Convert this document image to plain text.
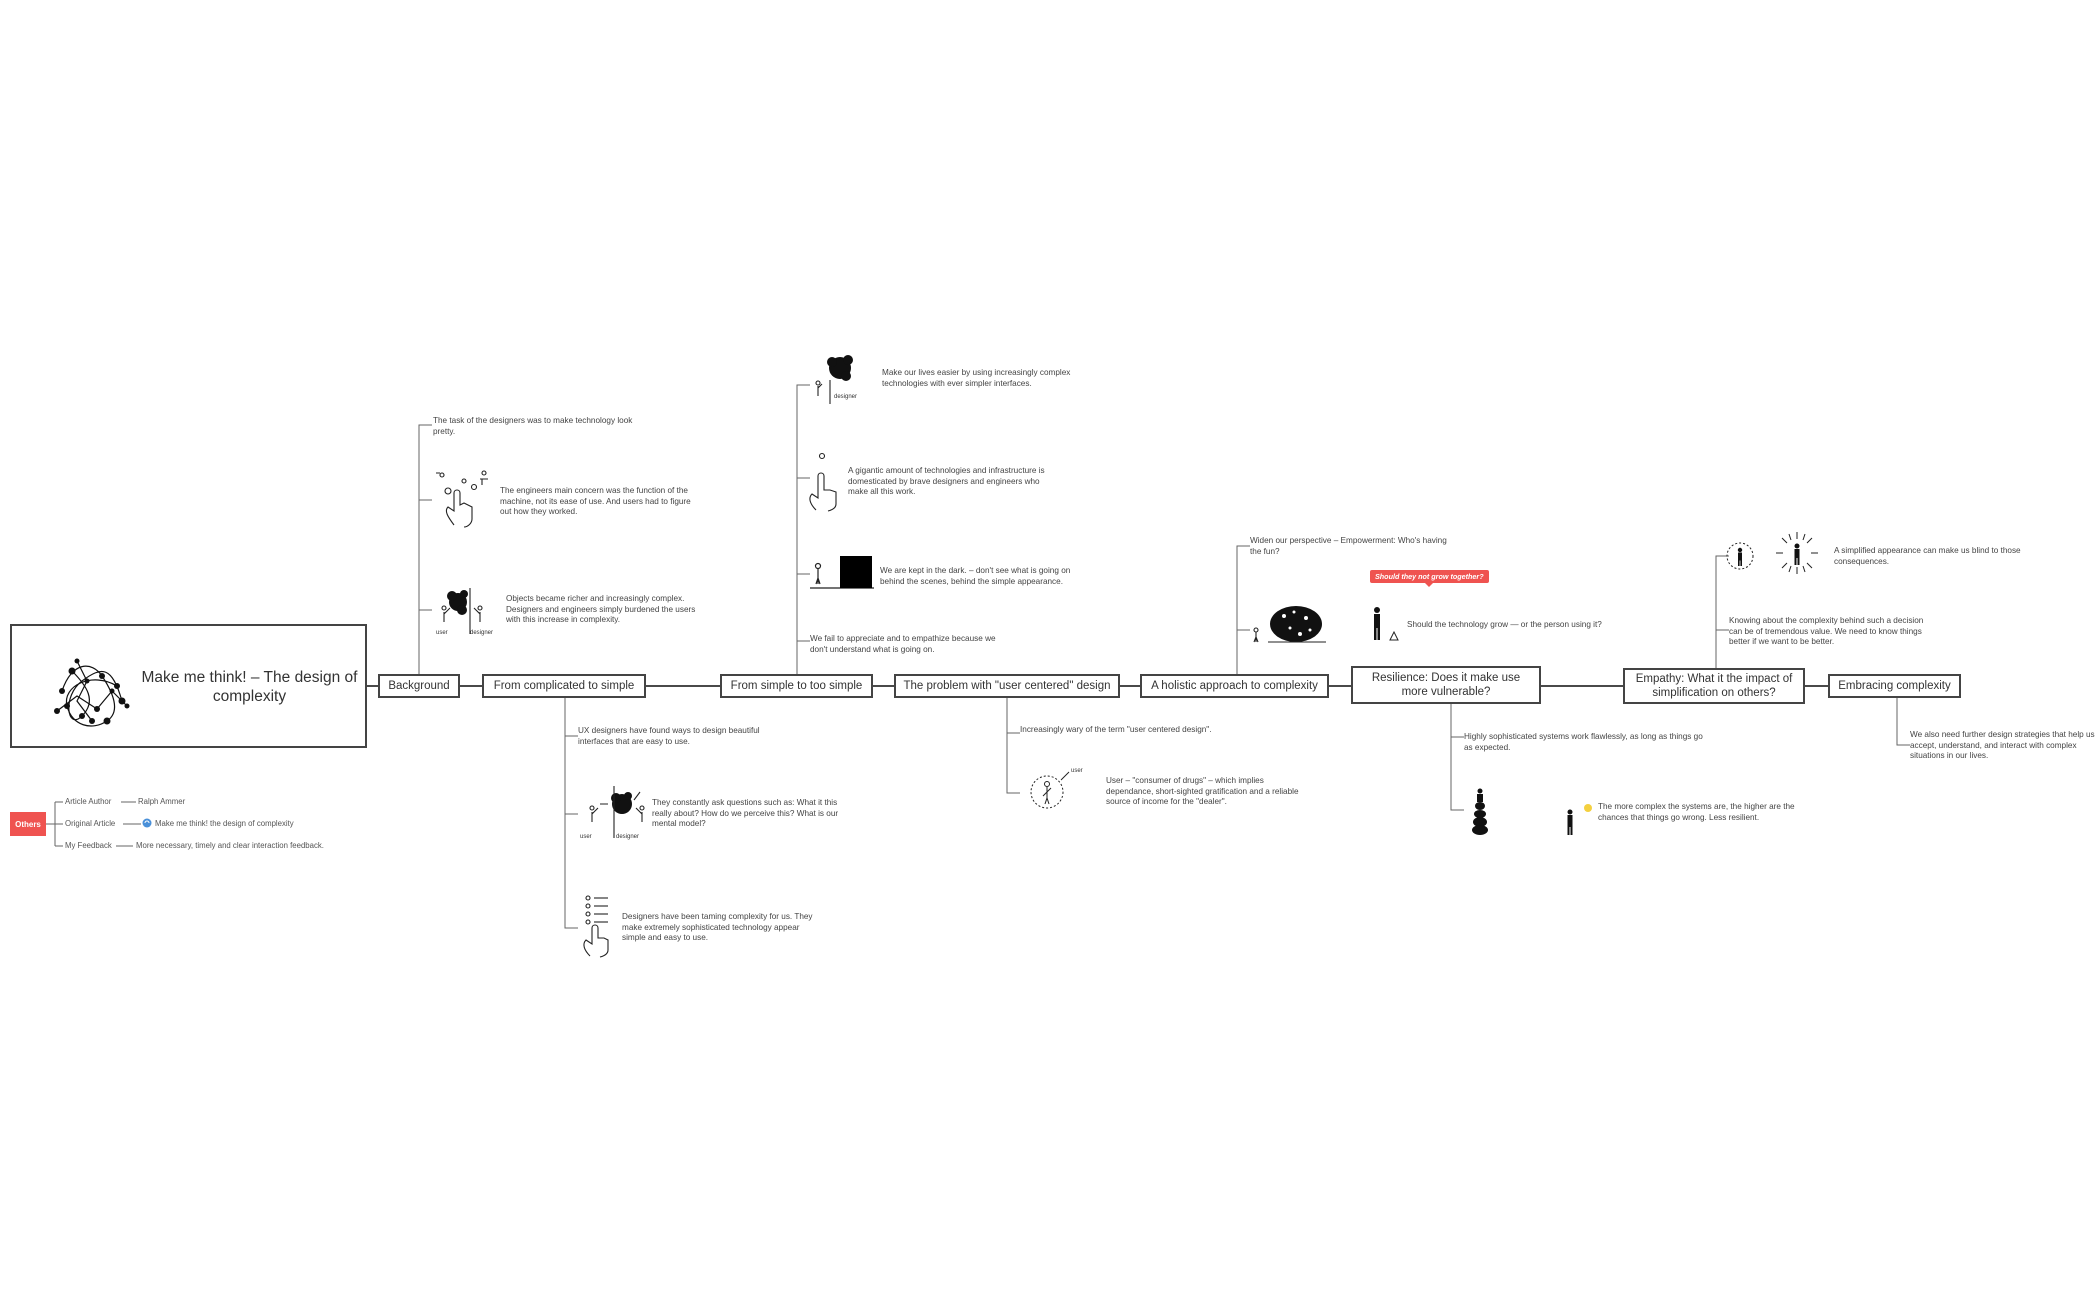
Make me think! – The design of complexity
Background	From complicated to simple	From simple to too simple	The problem with "user centered" design	A holistic approach to complexity
Resilience: Does it make use more vulnerable?
Empathy: What it the impact of simplification on others?
Embracing complexity
The task of the designers was to make technology look pretty.
The engineers main concern was the function of the machine, not its ease of use. And users had to figure out how they worked.
user	designer
Objects became richer and increasingly complex. Designers and engineers simply burdened the users with this increase in complexity.
UX designers have found ways to design beautiful interfaces that are easy to use.
user	designer
They constantly ask questions such as: What it this really about? How do we perceive this? What is our mental model?
Designers have been taming complexity for us. They make extremely sophisticated technology appear simple and easy to use.
designer
Make our lives easier by using increasingly complex technologies with ever simpler interfaces.
A gigantic amount of technologies and infrastructure is domesticated by brave designers and engineers who make all this work.
We are kept in the dark. – don't see what is going on behind the scenes, behind the simple appearance.
We fail to appreciate and to empathize because we don't understand what is going on.
Increasingly wary of the term "user centered design".
user
User – "consumer of drugs" – which implies dependance, short-sighted gratification and a reliable source of income for the "dealer".
Widen our perspective – Empowerment: Who's having the fun?
Should they not grow together?
Should the technology grow — or the person using it?
Highly sophisticated systems work flawlessly, as long as things go as expected.
The more complex the systems are, the higher are the chances that things go wrong. Less resilient.
A simplified appearance can make us blind to those consequences.
Knowing about the complexity behind such a decision can be of tremendous value. We need to know things better if we want to be better.
We also need further design strategies that help us accept, understand, and interact with complex situations in our lives.
Others
Article Author	Ralph Ammer
Original Article	Make me think! the design of complexity
My Feedback	More necessary, timely and clear interaction feedback.
